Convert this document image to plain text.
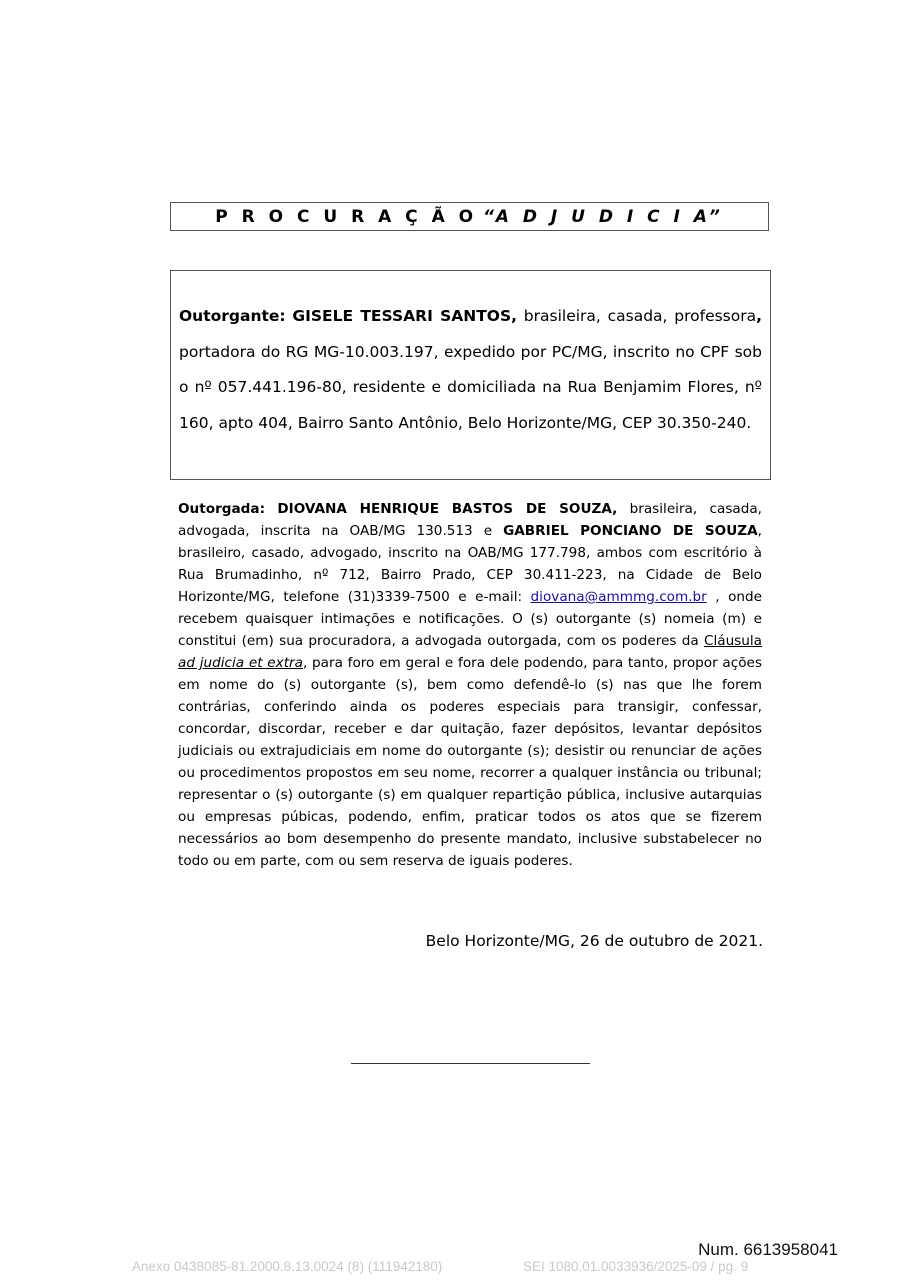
P R O C U R A Ç Ã O “A D J U D I C I A”
Outorgante: GISELE TESSARI SANTOS, brasileira, casada, professora, portadora do RG MG-10.003.197, expedido por PC/MG, inscrito no CPF sob o nº 057.441.196-80, residente e domiciliada na Rua Benjamim Flores, nº 160, apto 404, Bairro Santo Antônio, Belo Horizonte/MG, CEP 30.350-240.
Outorgada: DIOVANA HENRIQUE BASTOS DE SOUZA, brasileira, casada, advogada, inscrita na OAB/MG 130.513 e GABRIEL PONCIANO DE SOUZA, brasileiro, casado, advogado, inscrito na OAB/MG 177.798, ambos com escritório à Rua Brumadinho, nº 712, Bairro Prado, CEP 30.411-223, na Cidade de Belo Horizonte/MG, telefone (31)3339-7500 e e-mail: diovana@ammmg.com.br , onde recebem quaisquer intimações e notificações. O (s) outorgante (s) nomeia (m) e constitui (em) sua procuradora, a advogada outorgada, com os poderes da Cláusula ad judicia et extra, para foro em geral e fora dele podendo, para tanto, propor ações em nome do (s) outorgante (s), bem como defendê-lo (s) nas que lhe forem contrárias, conferindo ainda os poderes especiais para transigir, confessar, concordar, discordar, receber e dar quitação, fazer depósitos, levantar depósitos judiciais ou extrajudiciais em nome do outorgante (s); desistir ou renunciar de ações ou procedimentos propostos em seu nome, recorrer a qualquer instância ou tribunal; representar o (s) outorgante (s) em qualquer repartição pública, inclusive autarquias ou empresas púbicas, podendo, enfim, praticar todos os atos que se fizerem necessários ao bom desempenho do presente mandato, inclusive substabelecer no todo ou em parte, com ou sem reserva de iguais poderes.
Belo Horizonte/MG, 26 de outubro de 2021.
Num. 6613958041
Anexo 0438085-81.2000.8.13.0024 (8) (111942180)	SEI 1080.01.0033936/2025-09 / pg. 9
